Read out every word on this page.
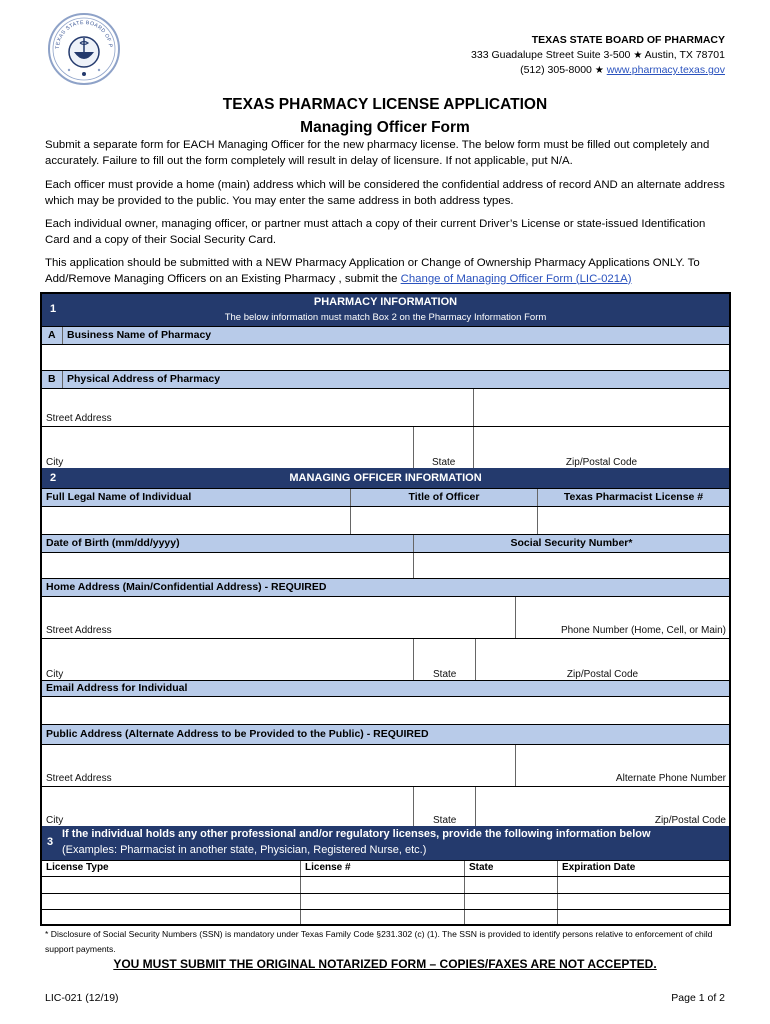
TEXAS STATE BOARD OF P	TEXAS STATE BOARD OF PHARMACY
333 Guadalupe Street Suite 3-500 ★ Austin, TX 78701
(512) 305-8000 ★ www.pharmacy.texas.gov
TEXAS PHARMACY LICENSE APPLICATION
Managing Officer Form
Submit a separate form for EACH Managing Officer for the new pharmacy license. The below form must be filled out completely and accurately. Failure to fill out the form completely will result in delay of licensure. If not applicable, put N/A.
Each officer must provide a home (main) address which will be considered the confidential address of record AND an alternate address which may be provided to the public. You may enter the same address in both address types.
Each individual owner, managing officer, or partner must attach a copy of their current Driver’s License or state-issued Identification Card and a copy of their Social Security Card.
This application should be submitted with a NEW Pharmacy Application or Change of Ownership Pharmacy Applications ONLY. To Add/Remove Managing Officers on an Existing Pharmacy , submit the Change of Managing Officer Form (LIC-021A)
1
PHARMACY INFORMATION
The below information must match Box 2 on the Pharmacy Information Form
A	Business Name of Pharmacy
B	Physical Address of Pharmacy
Street Address
City	State	Zip/Postal Code
2	MANAGING OFFICER INFORMATION
Full Legal Name of Individual	Title of Officer	Texas Pharmacist License #
Date of Birth (mm/dd/yyyy)	Social Security Number*
Home Address (Main/Confidential Address) - REQUIRED
Street Address	Phone Number (Home, Cell, or Main)
City	State	Zip/Postal Code
Email Address for Individual
Public Address (Alternate Address to be Provided to the Public) - REQUIRED
Street Address	Alternate Phone Number
City	State	Zip/Postal Code
3
If the individual holds any other professional and/or regulatory licenses, provide the following information below
(Examples: Pharmacist in another state, Physician, Registered Nurse, etc.)
License Type	License #	State	Expiration Date
* Disclosure of Social Security Numbers (SSN) is mandatory under Texas Family Code §231.302 (c) (1). The SSN is provided to identify persons relative to enforcement of child support payments.
YOU MUST SUBMIT THE ORIGINAL NOTARIZED FORM – COPIES/FAXES ARE NOT ACCEPTED.
LIC-021 (12/19)	Page 1 of 2
